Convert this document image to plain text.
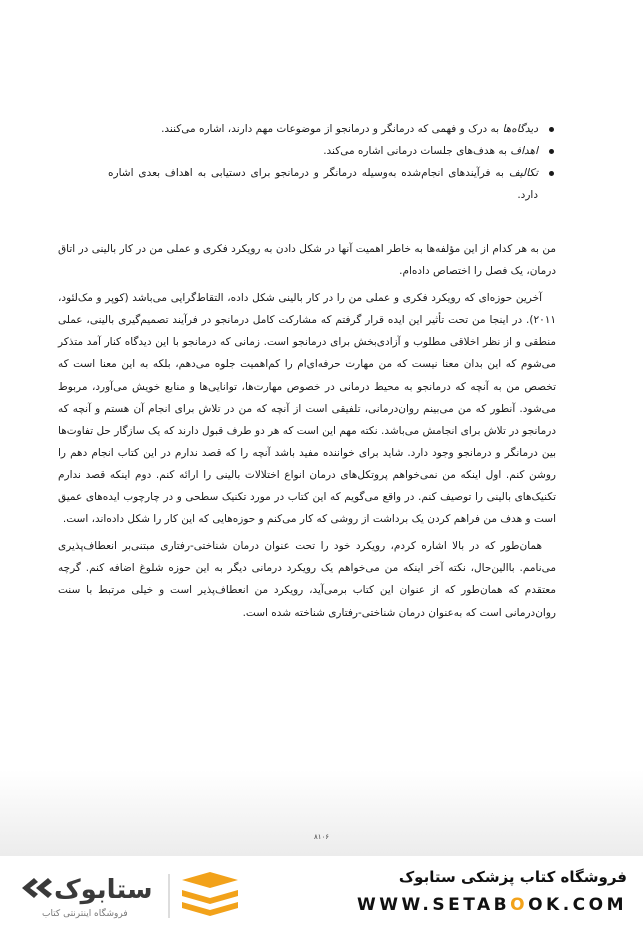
دیدگاه‌ها به درک و فهمی که درمانگر و درمانجو از موضوعات مهم دارند، اشاره می‌کنند.
اهداف به هدف‌های جلسات درمانی اشاره می‌کند.
تکالیف به فرآیندهای انجام‌شده به‌وسیله درمانگر و درمانجو برای دستیابی به اهداف بعدی اشاره دارد.

من به هر کدام از این مؤلفه‌ها به خاطر اهمیت آنها در شکل دادن به رویکرد فکری و عملی من در کار بالینی در اتاق درمان، یک فصل را اختصاص داده‌ام.

آخرین حوزه‌ای که رویکرد فکری و عملی من را در کار بالینی شکل داده، التقاط‌گرایی می‌باشد (کوپر و مک‌لئود، ۲۰۱۱). در اینجا من تحت تأثیر این ایده قرار گرفتم که مشارکت کامل درمانجو در فرآیند تصمیم‌گیری بالینی، عملی منطقی و از نظر اخلاقی مطلوب و آزادی‌بخش برای درمانجو است. زمانی که درمانجو با این دیدگاه کنار آمد متذکر می‌شوم که این بدان معنا نیست که من مهارت حرفه‌ای‌ام را کم‌اهمیت جلوه می‌دهم، بلکه به این معنا است که تخصص من به آنچه که درمانجو به محیط درمانی در خصوص مهارت‌ها، توانایی‌ها و منابع خویش می‌آورد، مربوط می‌شود. آنطور که من می‌بینم روان‌درمانی، تلفیقی است از آنچه که من در تلاش برای انجام آن هستم و آنچه که درمانجو در تلاش برای انجامش می‌باشد. نکته مهم این است که هر دو طرف قبول دارند که یک سازگار حل تفاوت‌ها بین درمانگر و درمانجو وجود دارد. شاید برای خواننده مفید باشد آنچه را که قصد ندارم در این کتاب انجام دهم را روشن کنم. اول اینکه من نمی‌خواهم پروتکل‌های درمان انواع اختلالات بالینی را ارائه کنم. دوم اینکه قصد ندارم تکنیک‌های بالینی را توصیف کنم. در واقع می‌گویم که این کتاب در مورد تکنیک سطحی و در چارچوب ایده‌های عمیق است و هدف من فراهم کردن یک برداشت از روشی که کار می‌کنم و حوزه‌هایی که این کار را شکل داده‌اند، است.

همان‌طور که در بالا اشاره کردم، رویکرد خود را تحت عنوان درمان شناختی-رفتاری مبتنی‌بر انعطاف‌پذیری می‌نامم. باالین‌حال، نکته آخر اینکه من می‌خواهم یک رویکرد درمانی دیگر به این حوزه شلوغ اضافه کنم. گرچه معتقدم که همان‌طور که از عنوان این کتاب برمی‌آید، رویکرد من انعطاف‌پذیر است و خیلی مرتبط با سنت روان‌درمانی است که به‌عنوان درمان شناختی-رفتاری شناخته شده است.

۸۱۰۶
ستابوک
فروشگاه اینترنتی کتاب
فروشگاه کتاب پزشکی ستابوک
WWW.SETABOOK.COM
